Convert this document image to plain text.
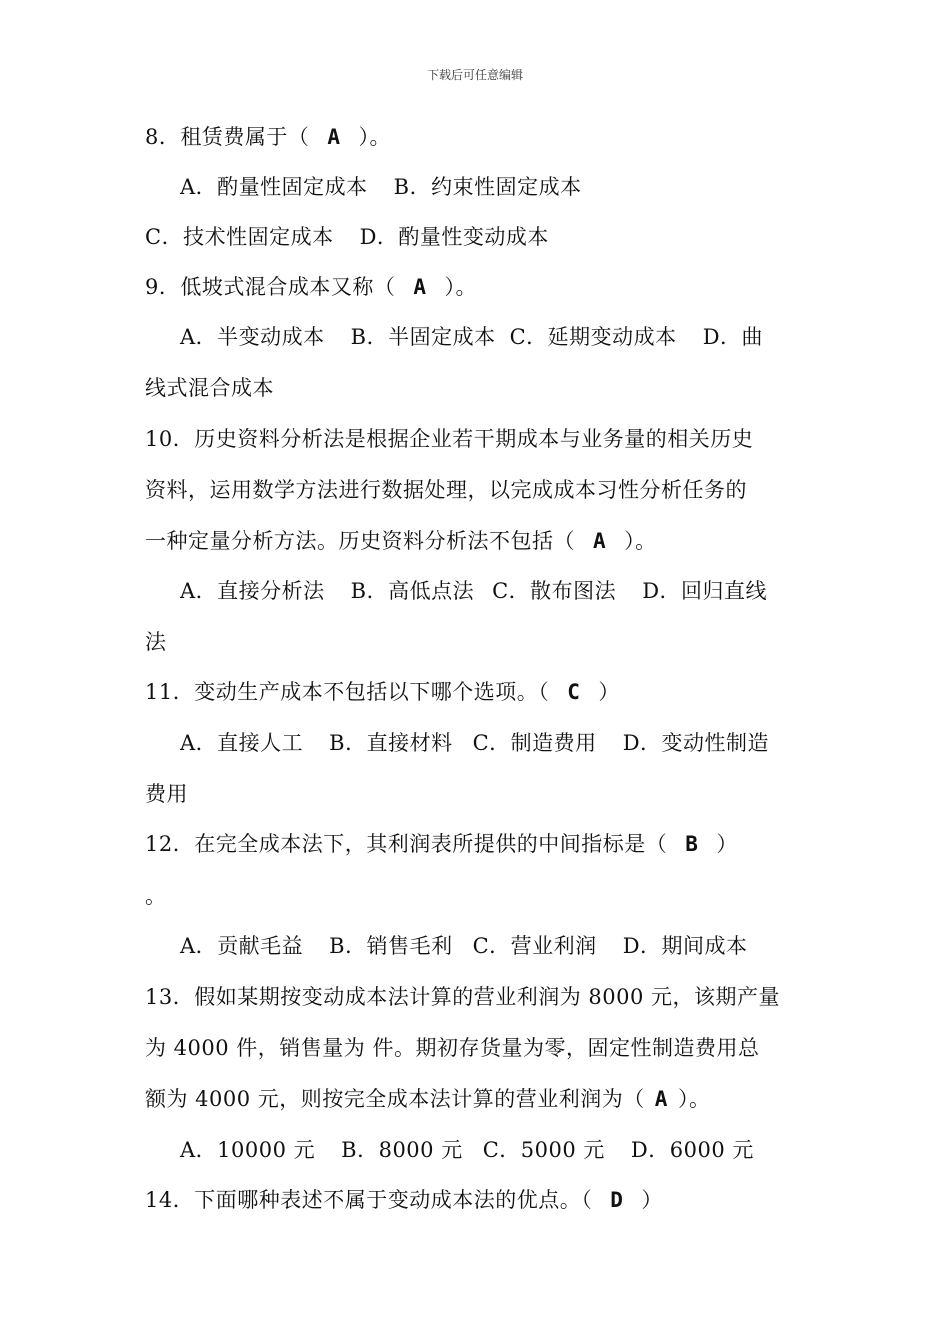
下载后可任意编辑
8．租赁费属于（ A ）。
A．酌量性固定成本 B．约束性固定成本
C．技术性固定成本 D．酌量性变动成本
9．低坡式混合成本又称（ A ）。
A．半变动成本 B．半固定成本 C．延期变动成本 D．曲
线式混合成本
10．历史资料分析法是根据企业若干期成本与业务量的相关历史
资料，运用数学方法进行数据处理，以完成成本习性分析任务的
一种定量分析方法。历史资料分析法不包括（ A ）。
A．直接分析法 B．高低点法 C．散布图法 D．回归直线
法
11．变动生产成本不包括以下哪个选项。（ C ）
A．直接人工 B．直接材料 C．制造费用 D．变动性制造
费用
12．在完全成本法下，其利润表所提供的中间指标是（ B ）
。
A．贡献毛益 B．销售毛利 C．营业利润 D．期间成本
13．假如某期按变动成本法计算的营业利润为 8000 元，该期产量
为 4000 件，销售量为 件。期初存货量为零，固定性制造费用总
额为 4000 元，则按完全成本法计算的营业利润为（ A ）。
A．10000 元 B．8000 元 C．5000 元 D．6000 元
14．下面哪种表述不属于变动成本法的优点。（ D ）
